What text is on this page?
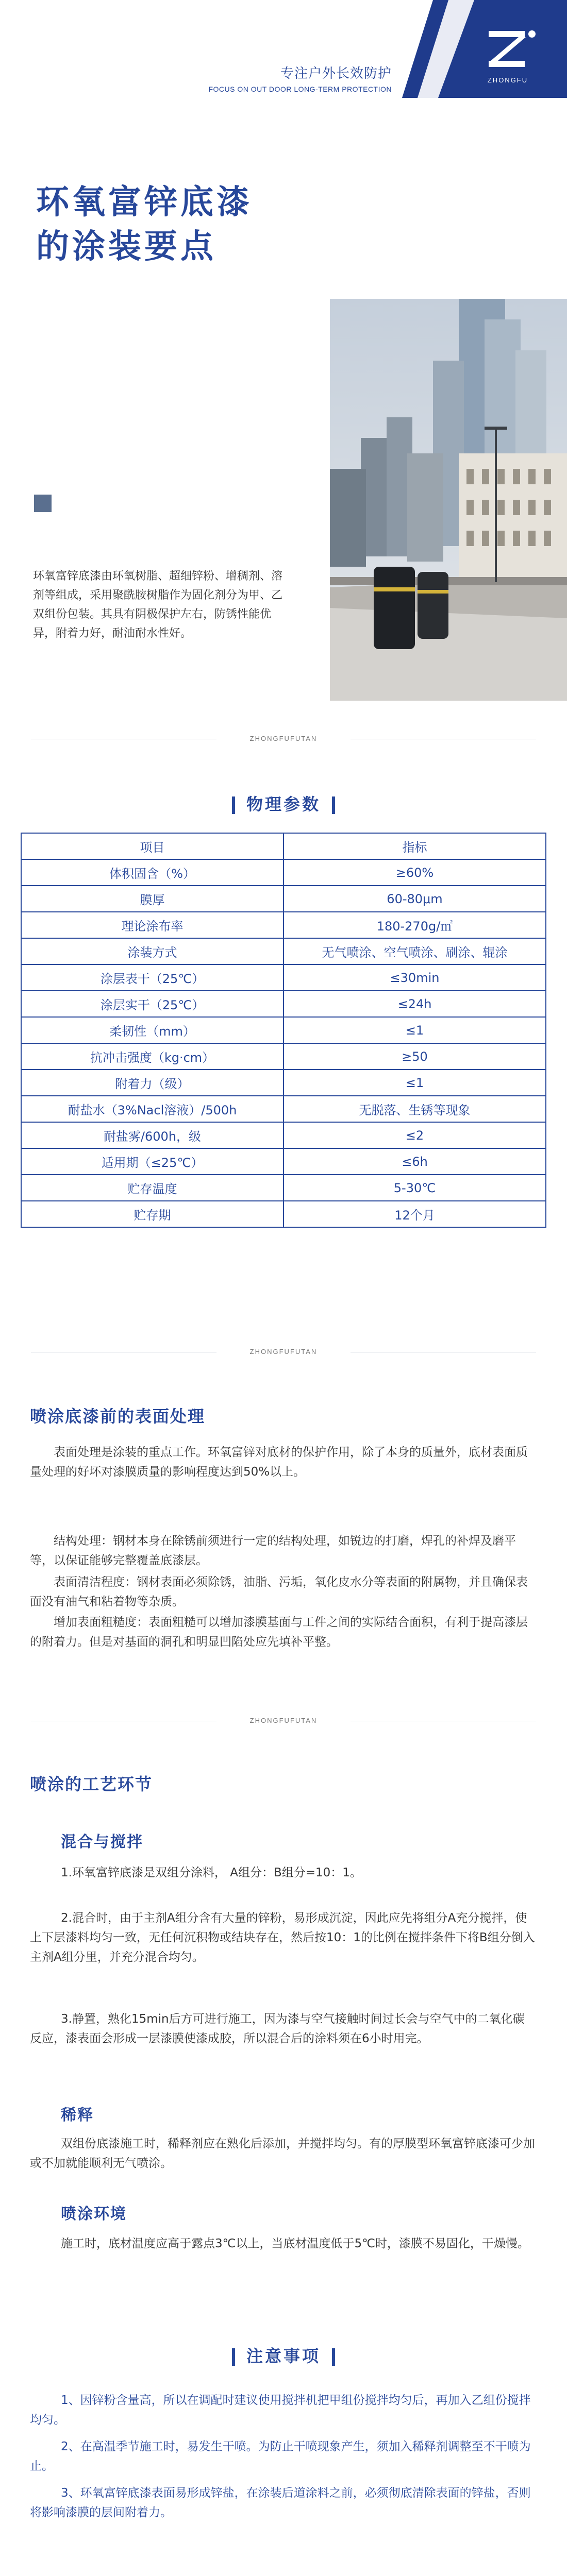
专注户外长效防护
FOCUS ON OUT DOOR LONG-TERM PROTECTION
ZHONGFU
环氧富锌底漆
的涂装要点
环氧富锌底漆由环氧树脂、超细锌粉、增稠剂、溶剂等组成，采用聚酰胺树脂作为固化剂分为甲、乙双组份包装。其具有阴极保护左右，防锈性能优异，附着力好，耐油耐水性好。
ZHONGFUFUTAN
物理参数
项目	指标
体积固含（%）	≥60%
膜厚	60-80μm
理论涂布率	180-270g/㎡
涂装方式	无气喷涂、空气喷涂、刷涂、辊涂
涂层表干（25℃）	≤30min
涂层实干（25℃）	≤24h
柔韧性（mm）	≤1
抗冲击强度（kg·cm）	≥50
附着力（级）	≤1
耐盐水（3%Nacl溶液）/500h	无脱落、生锈等现象
耐盐雾/600h，级	≤2
适用期（≤25℃）	≤6h
贮存温度	5-30℃
贮存期	12个月
ZHONGFUFUTAN
喷涂底漆前的表面处理
表面处理是涂装的重点工作。环氧富锌对底材的保护作用，除了本身的质量外，底材表面质量处理的好坏对漆膜质量的影响程度达到50%以上。
结构处理：钢材本身在除锈前须进行一定的结构处理，如锐边的打磨，焊孔的补焊及磨平等，以保证能够完整覆盖底漆层。
表面清洁程度：钢材表面必须除锈，油脂、污垢，氧化皮水分等表面的附属物，并且确保表面没有油气和粘着物等杂质。
增加表面粗糙度：表面粗糙可以增加漆膜基面与工件之间的实际结合面积，有利于提高漆层的附着力。但是对基面的洞孔和明显凹陷处应先填补平整。
ZHONGFUFUTAN
喷涂的工艺环节
混合与搅拌
1.环氧富锌底漆是双组分涂料， A组分：B组分=10：1。
2.混合时，由于主剂A组分含有大量的锌粉，易形成沉淀，因此应先将组分A充分搅拌，使上下层漆料均匀一致，无任何沉积物或结块存在，然后按10：1的比例在搅拌条件下将B组分倒入主剂A组分里，并充分混合均匀。
3.静置，熟化15min后方可进行施工，因为漆与空气接触时间过长会与空气中的二氧化碳反应，漆表面会形成一层漆膜使漆成胶，所以混合后的涂料须在6小时用完。
稀释
双组份底漆施工时，稀释剂应在熟化后添加，并搅拌均匀。有的厚膜型环氧富锌底漆可少加或不加就能顺利无气喷涂。
喷涂环境
施工时，底材温度应高于露点3℃以上，当底材温度低于5℃时，漆膜不易固化，干燥慢。
注意事项
1、因锌粉含量高，所以在调配时建议使用搅拌机把甲组份搅拌均匀后，再加入乙组份搅拌均匀。
2、在高温季节施工时，易发生干喷。为防止干喷现象产生，须加入稀释剂调整至不干喷为止。
3、环氧富锌底漆表面易形成锌盐，在涂装后道涂料之前，必须彻底清除表面的锌盐，否则将影响漆膜的层间附着力。
